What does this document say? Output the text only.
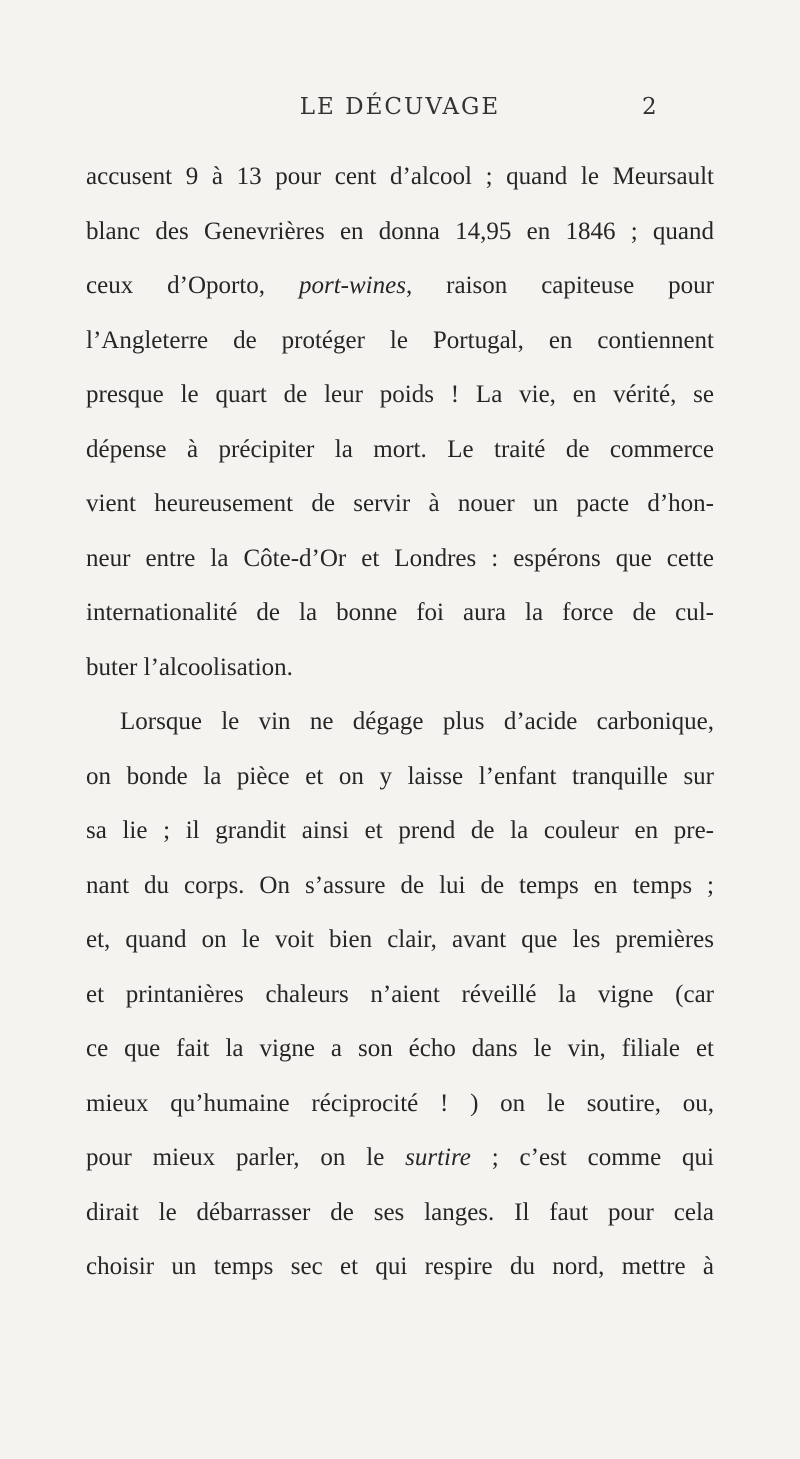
LE DÉCUVAGE	2
accusent 9 à 13 pour cent d’alcool ; quand le Meursault
blanc des Genevrières en donna 14,95 en 1846 ; quand
ceux d’Oporto, port-wines, raison capiteuse pour
l’Angleterre de protéger le Portugal, en contiennent
presque le quart de leur poids ! La vie, en vérité, se
dépense à précipiter la mort. Le traité de commerce
vient heureusement de servir à nouer un pacte d’hon-
neur entre la Côte-d’Or et Londres : espérons que cette
internationalité de la bonne foi aura la force de cul-
buter l’alcoolisation.
Lorsque le vin ne dégage plus d’acide carbonique,
on bonde la pièce et on y laisse l’enfant tranquille sur
sa lie ; il grandit ainsi et prend de la couleur en pre-
nant du corps. On s’assure de lui de temps en temps ;
et, quand on le voit bien clair, avant que les premières
et printanières chaleurs n’aient réveillé la vigne (car
ce que fait la vigne a son écho dans le vin, filiale et
mieux qu’humaine réciprocité ! ) on le soutire, ou,
pour mieux parler, on le surtire ; c’est comme qui
dirait le débarrasser de ses langes. Il faut pour cela
choisir un temps sec et qui respire du nord, mettre à
